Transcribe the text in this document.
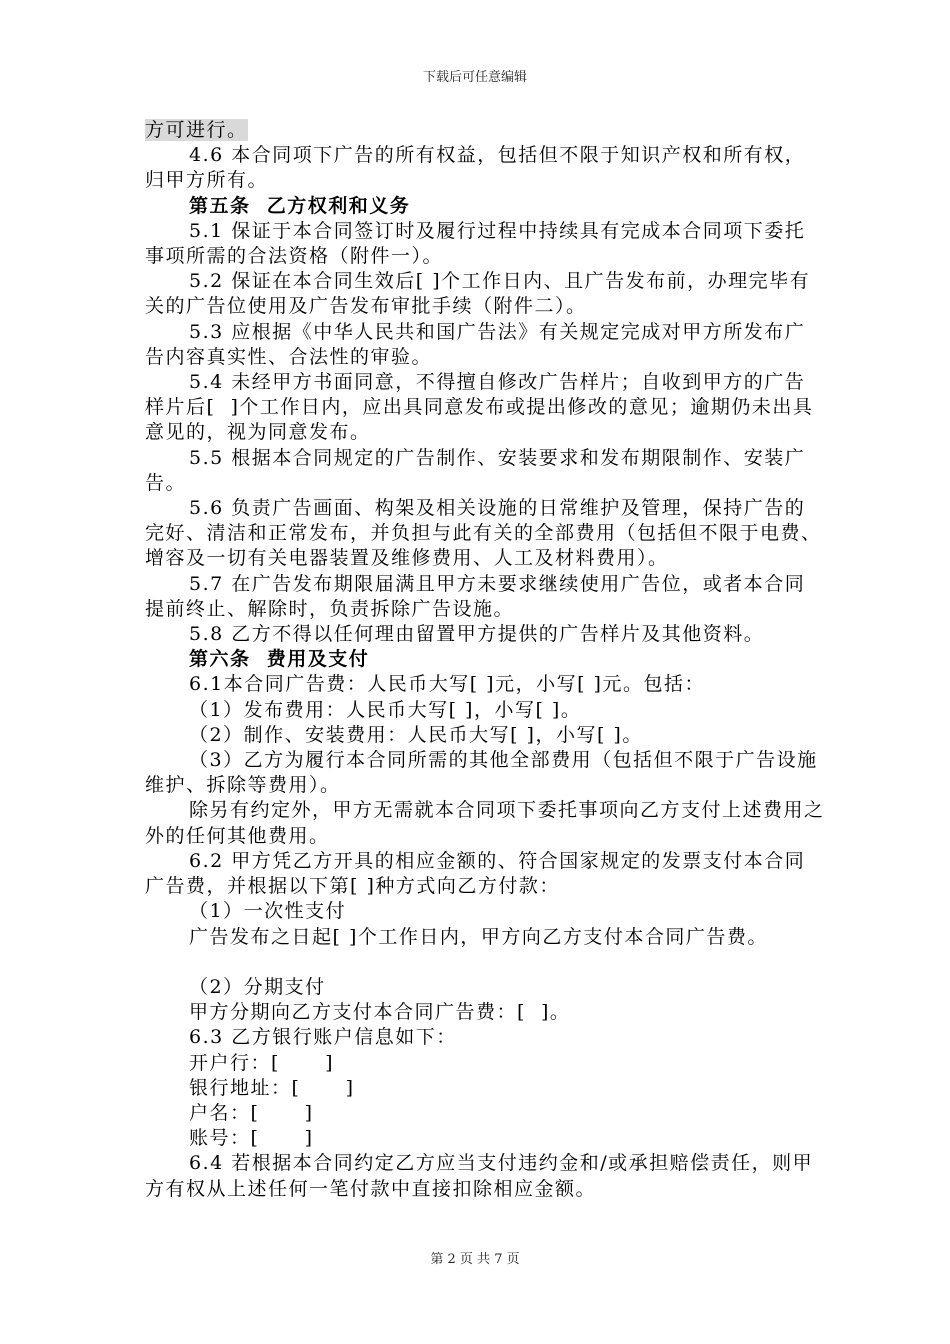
下载后可任意编辑

方可进行。

4.6 本合同项下广告的所有权益，包括但不限于知识产权和所有权，归甲方所有。

第五条  乙方权利和义务

5.1 保证于本合同签订时及履行过程中持续具有完成本合同项下委托事项所需的合法资格（附件一）。

5.2 保证在本合同生效后[ ]个工作日内、且广告发布前，办理完毕有关的广告位使用及广告发布审批手续（附件二）。

5.3 应根据《中华人民共和国广告法》有关规定完成对甲方所发布广告内容真实性、合法性的审验。

5.4 未经甲方书面同意，不得擅自修改广告样片；自收到甲方的广告样片后[  ]个工作日内，应出具同意发布或提出修改的意见；逾期仍未出具意见的，视为同意发布。

5.5 根据本合同规定的广告制作、安装要求和发布期限制作、安装广告。

5.6 负责广告画面、构架及相关设施的日常维护及管理，保持广告的完好、清洁和正常发布，并负担与此有关的全部费用（包括但不限于电费、增容及一切有关电器装置及维修费用、人工及材料费用）。

5.7 在广告发布期限届满且甲方未要求继续使用广告位，或者本合同提前终止、解除时，负责拆除广告设施。

5.8 乙方不得以任何理由留置甲方提供的广告样片及其他资料。

第六条  费用及支付

6.1本合同广告费：人民币大写[ ]元，小写[ ]元。包括：

（1）发布费用：人民币大写[ ]，小写[ ]。

（2）制作、安装费用：人民币大写[ ]，小写[ ]。

（3）乙方为履行本合同所需的其他全部费用（包括但不限于广告设施维护、拆除等费用）。

除另有约定外，甲方无需就本合同项下委托事项向乙方支付上述费用之外的任何其他费用。

6.2 甲方凭乙方开具的相应金额的、符合国家规定的发票支付本合同广告费，并根据以下第[ ]种方式向乙方付款：

（1）一次性支付

广告发布之日起[ ]个工作日内，甲方向乙方支付本合同广告费。

（2）分期支付

甲方分期向乙方支付本合同广告费：[  ]。

6.3 乙方银行账户信息如下：

开户行：[      ]

银行地址：[      ]

户名：[      ]

账号：[      ]

6.4 若根据本合同约定乙方应当支付违约金和/或承担赔偿责任，则甲方有权从上述任何一笔付款中直接扣除相应金额。

第 2 页 共 7 页
